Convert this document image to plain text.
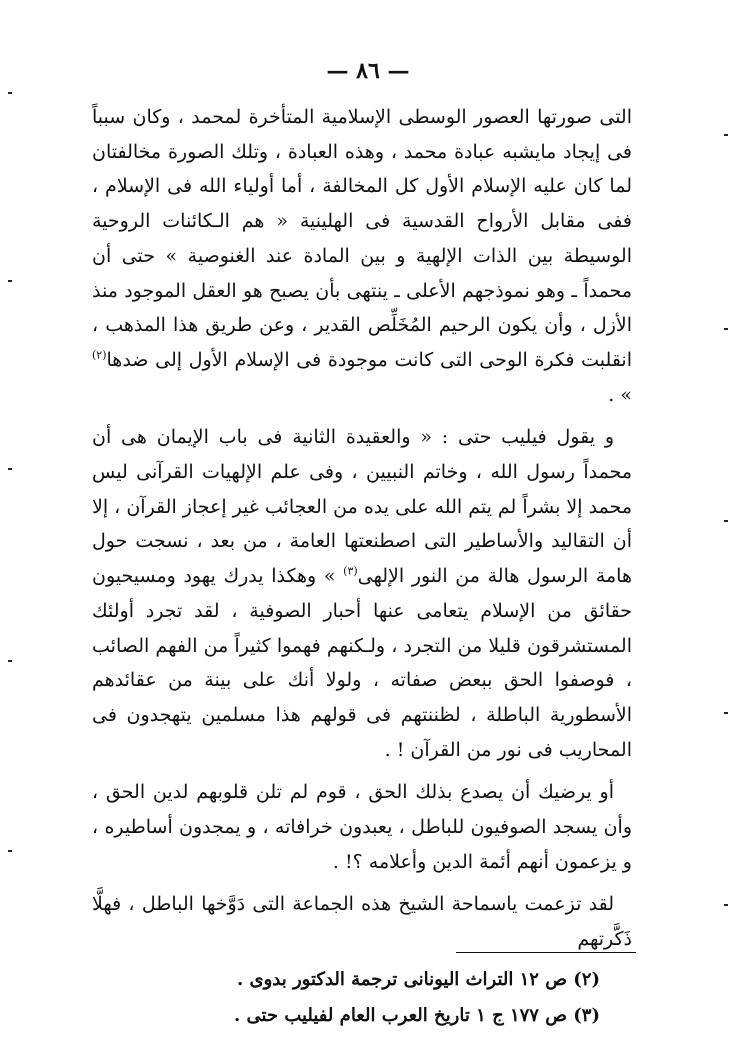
— ٨٦ —

التى صورتها العصور الوسطى الإسلامية المتأخرة لمحمد ، وكان سبباً فى إيجاد مايشبه عبادة محمد ، وهذه العبادة ، وتلك الصورة مخالفتان لما كان عليه الإسلام الأول كل المخالفة ، أما أولياء الله فى الإسلام ، ففى مقابل الأرواح القدسية فى الهلينية « هم الـكائنات الروحية الوسيطة بين الذات الإلهية و بين المادة عند الغنوصية » حتى أن محمداً ـ وهو نموذجهم الأعلى ـ ينتهى بأن يصبح هو العقل الموجود منذ الأزل ، وأن يكون الرحيم المُخَلِّص القدير ، وعن طريق هذا المذهب ، انقلبت فكرة الوحى التى كانت موجودة فى الإسلام الأول إلى ضدها$^{(٢)}$ » .

و يقول فيليب حتى : « والعقيدة الثانية فى باب الإيمان هى أن محمداً رسول الله ، وخاتم النبيين ، وفى علم الإلهيات القرآنى ليس محمد إلا بشراً لم يتم الله على يده من العجائب غير إعجاز القرآن ، إلا أن التقاليد والأساطير التى اصطنعتها العامة ، من بعد ، نسجت حول هامة الرسول هالة من النور الإلهى$^{(٣)}$ » وهكذا يدرك يهود ومسيحيون حقائق من الإسلام يتعامى عنها أحبار الصوفية ، لقد تجرد أولئك المستشرقون قليلا من التجرد ، ولـكنهم فهموا كثيراً من الفهم الصائب ، فوصفوا الحق ببعض صفاته ، ولولا أنك على بينة من عقائدهم الأسطورية الباطلة ، لظننتهم فى قولهم هذا مسلمين يتهجدون فى المحاريب فى نور من القرآن ! .

أو يرضيك أن يصدع بذلك الحق ، قوم لم تلن قلوبهم لدين الحق ، وأن يسجد الصوفيون للباطل ، يعبدون خرافاته ، و يمجدون أساطيره ، و يزعمون أنهم أئمة الدين وأعلامه ؟! .

لقد تزعمت ياسماحة الشيخ هذه الجماعة التى دَوَّخها الباطل ، فهلَّا ذَكَّرتهم

(٢) ص ١٢ التراث اليونانى ترجمة الدكتور بدوى .
(٣) ص ١٧٧ ج ١ تاريخ العرب العام لفيليب حتى .
